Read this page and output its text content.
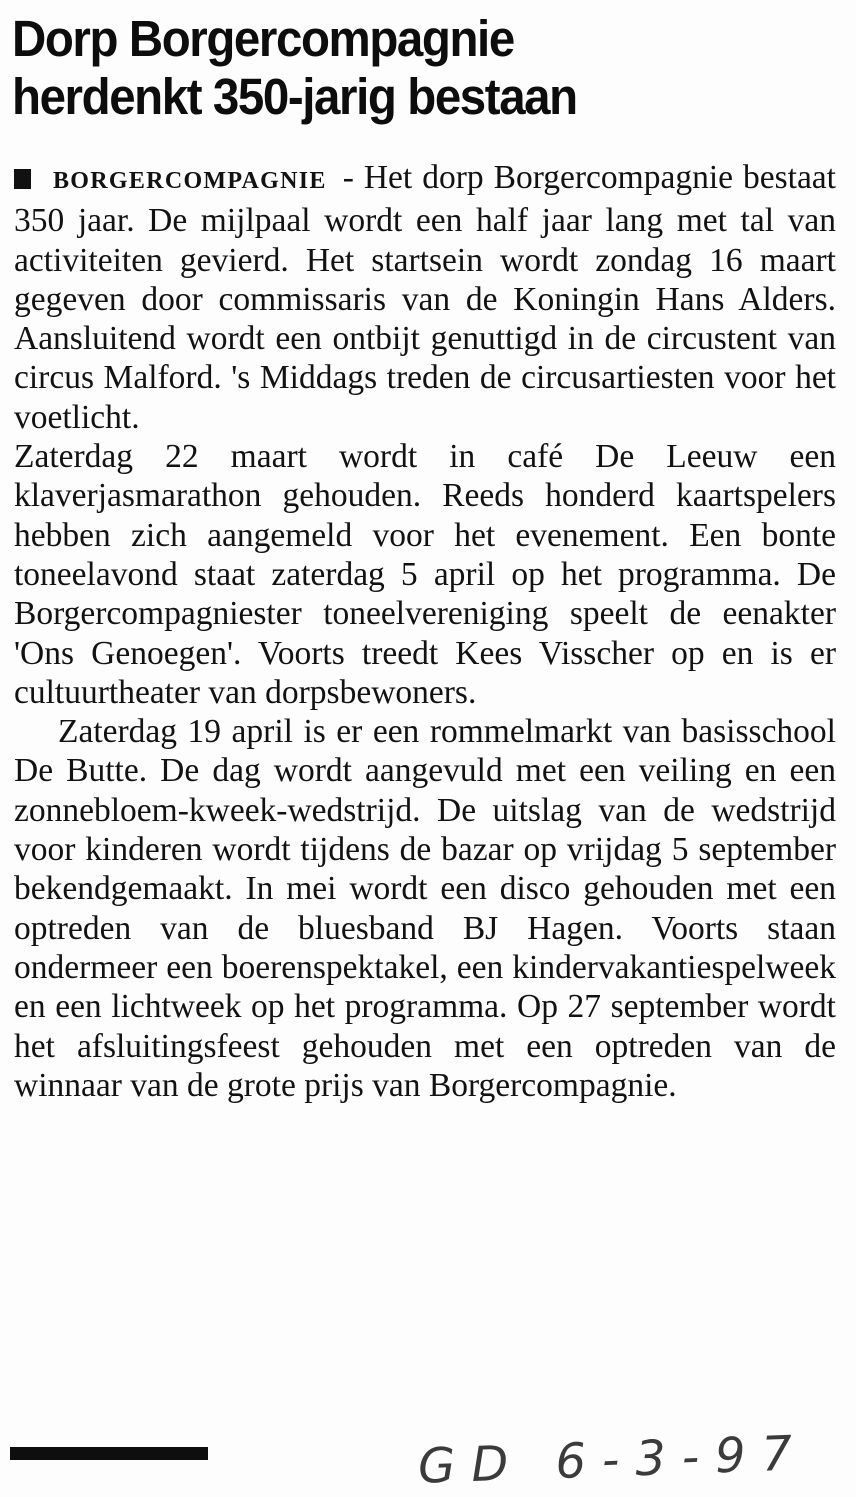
Dorp Borgercompagnie
herdenkt 350-jarig bestaan

BORGERCOMPAGNIE - Het dorp Borgercompagnie bestaat 350 jaar. De mijlpaal wordt een half jaar lang met tal van activiteiten gevierd. Het startsein wordt zondag 16 maart gegeven door commissaris van de Koningin Hans Alders. Aansluitend wordt een ontbijt genuttigd in de circustent van circus Malford. 's Middags treden de circusartiesten voor het voetlicht.

Zaterdag 22 maart wordt in café De Leeuw een klaverjasmarathon gehouden. Reeds honderd kaartspelers hebben zich aangemeld voor het evenement. Een bonte toneelavond staat zaterdag 5 april op het programma. De Borgercompagniester toneelvereniging speelt de eenakter 'Ons Genoegen'. Voorts treedt Kees Visscher op en is er cultuurtheater van dorpsbewoners.

Zaterdag 19 april is er een rommelmarkt van basisschool De Butte. De dag wordt aangevuld met een veiling en een zonnebloem-kweek-wedstrijd. De uitslag van de wedstrijd voor kinderen wordt tijdens de bazar op vrijdag 5 september bekendgemaakt. In mei wordt een disco gehouden met een optreden van de bluesband BJ Hagen. Voorts staan ondermeer een boerenspektakel, een kindervakantiespelweek en een lichtweek op het programma. Op 27 september wordt het afsluitingsfeest gehouden met een optreden van de winnaar van de grote prijs van Borgercompagnie.

GD 6-3-97
